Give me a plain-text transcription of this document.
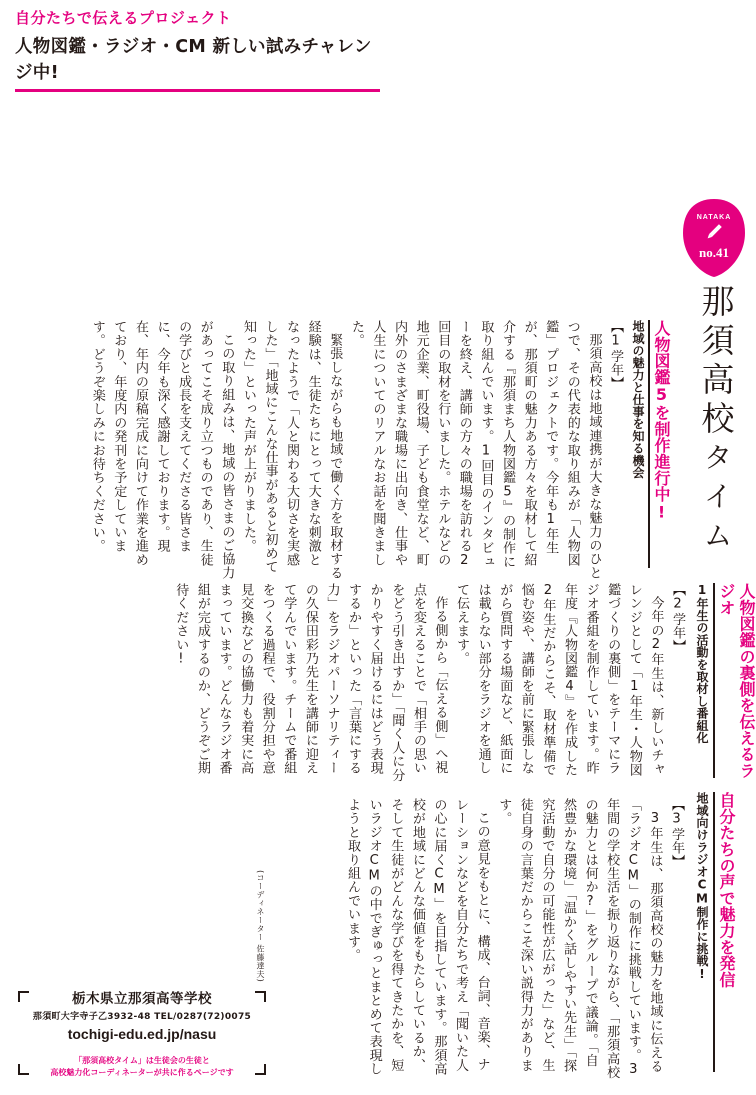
自分たちで伝えるプロジェクト
人物図鑑・ラジオ・CM 新しい試みチャレンジ中!
NATAKA
no.41
那
須
高
校
タ
イ
ム
自分たちの声で魅力を発信
地域向けラジオCM制作に挑戦!

【3学年】

3年生は、那須高校の魅力を地域に伝える「ラジオCM」の制作に挑戦しています。3年間の学校生活を振り返りながら、「那須高校の魅力とは何か?」をグループで議論。「自然豊かな環境」「温かく話しやすい先生」「探究活動で自分の可能性が広がった」など、生徒自身の言葉だからこそ深い説得力があります。

この意見をもとに、構成、台詞、音楽、ナレーションなどを自分たちで考え「聞いた人の心に届くCM」を目指しています。那須高校が地域にどんな価値をもたらしているか、そして生徒がどんな学びを得てきたかを、短いラジオCMの中でぎゅっとまとめて表現しようと取り組んでいます。

(コーディネーター 佐藤達夫)
人物図鑑の裏側を伝えるラジオ
1年生の活動を取材し番組化

【2学年】

今年の2年生は、新しいチャレンジとして「1年生・人物図鑑づくりの裏側」をテーマにラジオ番組を制作しています。昨年度『人物図鑑4』を作成した2年生だからこそ、取材準備で悩む姿や、講師を前に緊張しながら質問する場面など、紙面には載らない部分をラジオを通して伝えます。

作る側から「伝える側」へ視点を変えることで「相手の思いをどう引き出すか」「聞く人に分かりやすく届けるにはどう表現するか」といった「言葉にする力」をラジオパーソナリティーの久保田彩乃先生を講師に迎えて学んでいます。チームで番組をつくる過程で、役割分担や意見交換などの協働力も着実に高まっています。どんなラジオ番組が完成するのか、どうぞご期待ください!

人物図鑑5を制作進行中!
地域の魅力と仕事を知る機会

【1学年】

那須高校は地域連携が大きな魅力のひとつで、その代表的な取り組みが「人物図鑑」プロジェクトです。今年も1年生が、那須町の魅力ある方々を取材して紹介する『那須まち人物図鑑5』の制作に取り組んでいます。1回目のインタビューを終え、講師の方々の職場を訪れる2回目の取材を行いました。ホテルなどの地元企業、町役場、子ども食堂など、町内外のさまざまな職場に出向き、仕事や人生についてのリアルなお話を聞きました。

緊張しながらも地域で働く方を取材する経験は、生徒たちにとって大きな刺激となったようで「人と関わる大切さを実感した」「地域にこんな仕事があると初めて知った」といった声が上がりました。

この取り組みは、地域の皆さまのご協力があってこそ成り立つものであり、生徒の学びと成長を支えてくださる皆さまに、今年も深く感謝しております。現在、年内の原稿完成に向けて作業を進めており、年度内の発刊を予定しています。どうぞ楽しみにお待ちください。

栃木県立那須高等学校
那須町大字寺子乙3932-48 TEL/0287(72)0075
tochigi-edu.ed.jp/nasu
「那須高校タイム」は生徒会の生徒と
高校魅力化コーディネーターが共に作るページです
